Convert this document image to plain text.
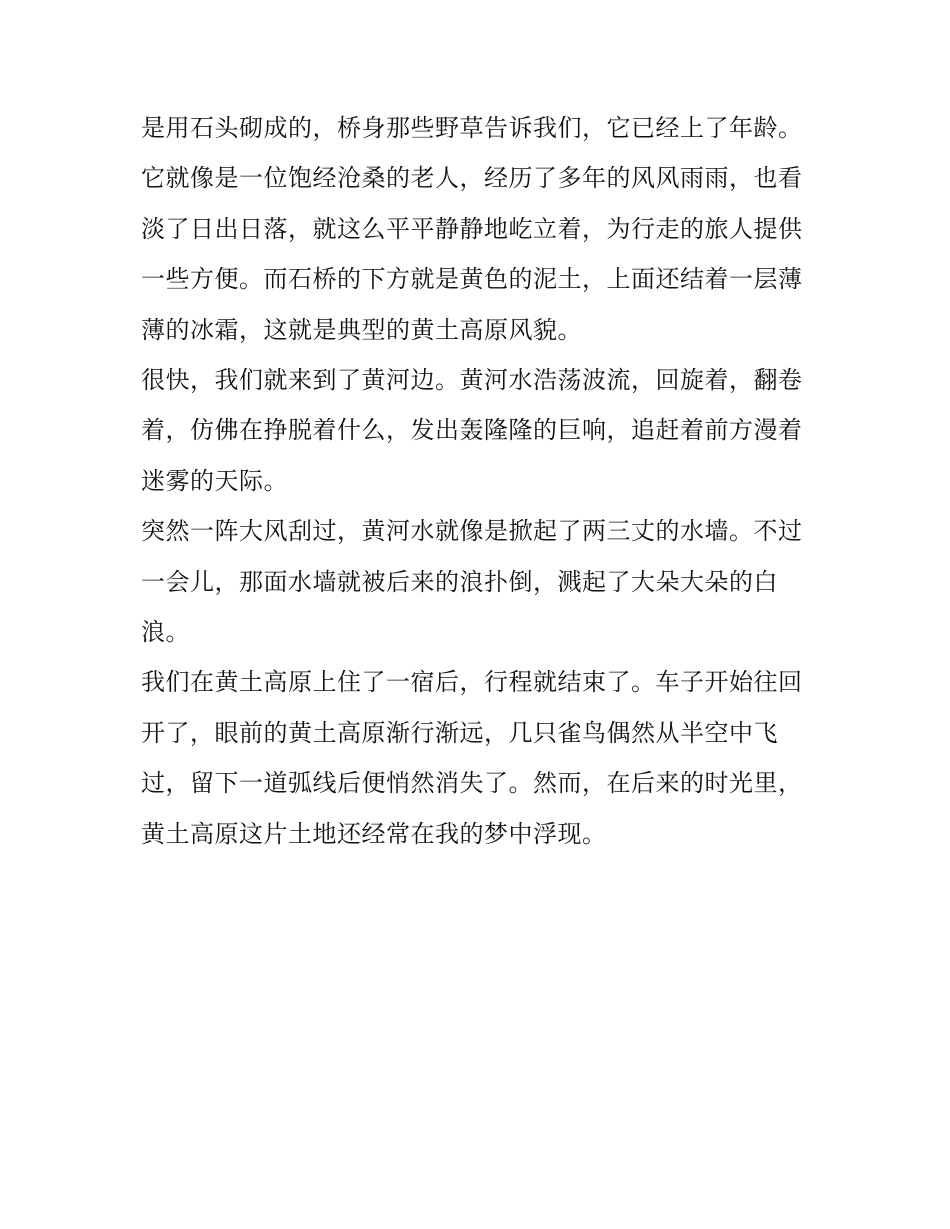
是用石头砌成的，桥身那些野草告诉我们，它已经上了年龄。
它就像是一位饱经沧桑的老人，经历了多年的风风雨雨，也看
淡了日出日落，就这么平平静静地屹立着，为行走的旅人提供
一些方便。而石桥的下方就是黄色的泥土，上面还结着一层薄
薄的冰霜，这就是典型的黄土高原风貌。

很快，我们就来到了黄河边。黄河水浩荡波流，回旋着，翻卷
着，仿佛在挣脱着什么，发出轰隆隆的巨响，追赶着前方漫着
迷雾的天际。

突然一阵大风刮过，黄河水就像是掀起了两三丈的水墙。不过
一会儿，那面水墙就被后来的浪扑倒，溅起了大朵大朵的白
浪。

我们在黄土高原上住了一宿后，行程就结束了。车子开始往回
开了，眼前的黄土高原渐行渐远，几只雀鸟偶然从半空中飞
过，留下一道弧线后便悄然消失了。然而，在后来的时光里，
黄土高原这片土地还经常在我的梦中浮现。
